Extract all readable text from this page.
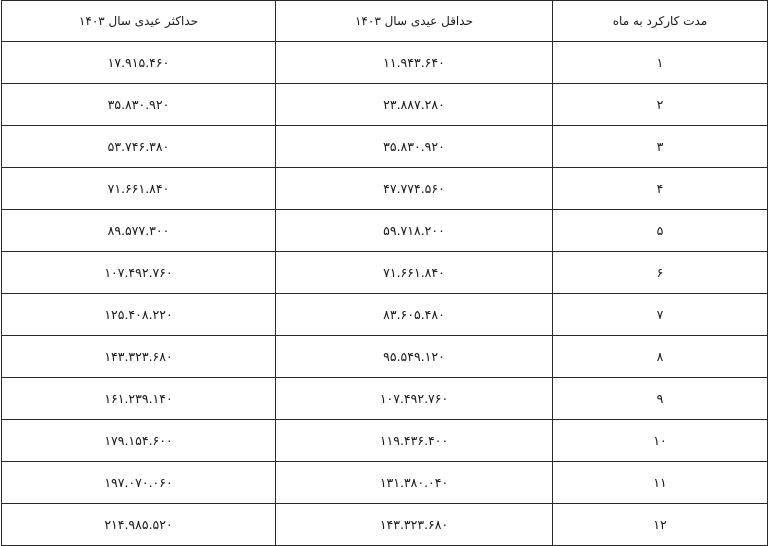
مدت کارکرد به ماه	حداقل عیدی سال ۱۴۰۳	حداکثر عیدی سال ۱۴۰۳
۱	۱۱.۹۴۳.۶۴۰	۱۷.۹۱۵.۴۶۰
۲	۲۳.۸۸۷.۲۸۰	۳۵.۸۳۰.۹۲۰
۳	۳۵.۸۳۰.۹۲۰	۵۳.۷۴۶.۳۸۰
۴	۴۷.۷۷۴.۵۶۰	۷۱.۶۶۱.۸۴۰
۵	۵۹.۷۱۸.۲۰۰	۸۹.۵۷۷.۳۰۰
۶	۷۱.۶۶۱.۸۴۰	۱۰۷.۴۹۲.۷۶۰
۷	۸۳.۶۰۵.۴۸۰	۱۲۵.۴۰۸.۲۲۰
۸	۹۵.۵۴۹.۱۲۰	۱۴۳.۳۲۳.۶۸۰
۹	۱۰۷.۴۹۲.۷۶۰	۱۶۱.۲۳۹.۱۴۰
۱۰	۱۱۹.۴۳۶.۴۰۰	۱۷۹.۱۵۴.۶۰۰
۱۱	۱۳۱.۳۸۰.۰۴۰	۱۹۷.۰۷۰.۰۶۰
۱۲	۱۴۳.۳۲۳.۶۸۰	۲۱۴.۹۸۵.۵۲۰
